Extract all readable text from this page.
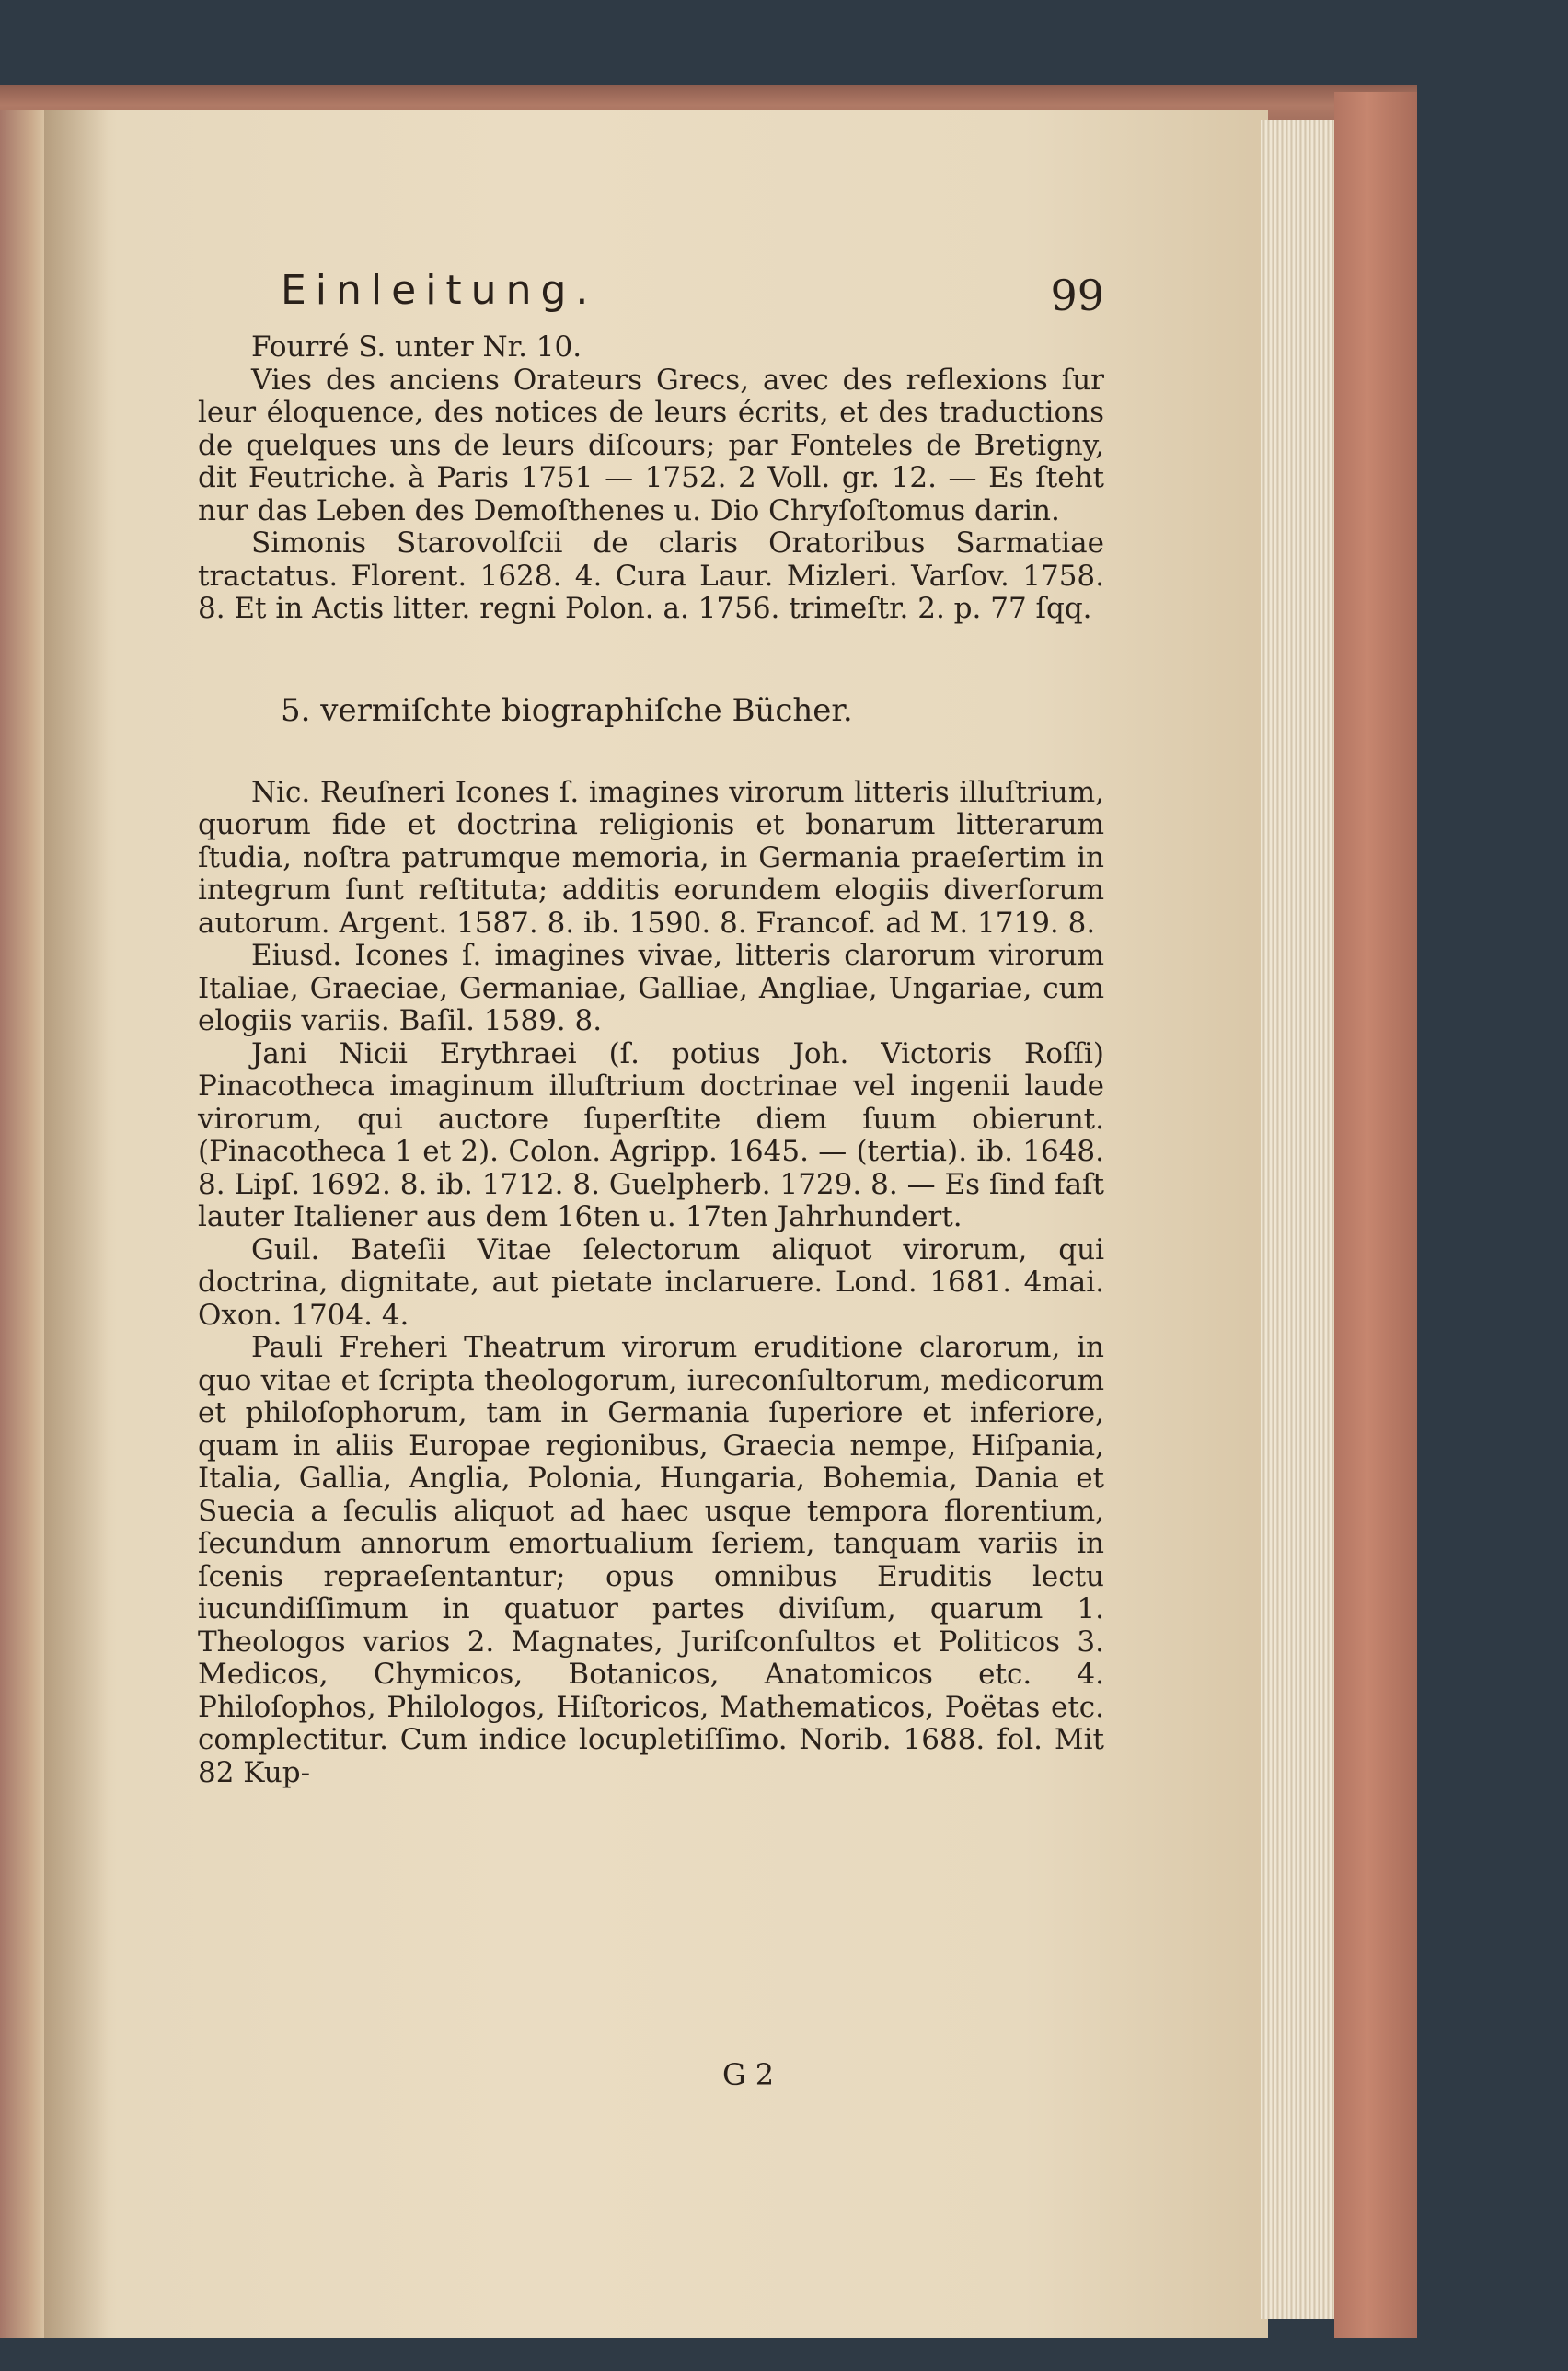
Einleitung.	99

Fourré S. unter Nr. 10.

Vies des anciens Orateurs Grecs, avec des reflexions ſur leur éloquence, des notices de leurs écrits, et des traductions de quelques uns de leurs diſcours; par Fonteles de Bretigny, dit Feutriche. à Paris 1751 — 1752. 2 Voll. gr. 12. — Es ſteht nur das Leben des Demoſthenes u. Dio Chryſoſtomus darin.

Simonis Starovolſcii de claris Oratoribus Sarmatiae tractatus. Florent. 1628. 4. Cura Laur. Mizleri. Varſov. 1758. 8. Et in Actis litter. regni Polon. a. 1756. trimeſtr. 2. p. 77 ſqq.

5. vermiſchte biographiſche Bücher.

Nic. Reuſneri Icones ſ. imagines virorum litteris illuſtrium, quorum fide et doctrina religionis et bonarum litterarum ſtudia, noſtra patrumque memoria, in Germania praeſertim in integrum ſunt reſtituta; additis eorundem elogiis diverſorum autorum. Argent. 1587. 8. ib. 1590. 8. Francof. ad M. 1719. 8.

Eiusd. Icones ſ. imagines vivae, litteris clarorum virorum Italiae, Graeciae, Germaniae, Galliae, Angliae, Ungariae, cum elogiis variis. Baſil. 1589. 8.

Jani Nicii Erythraei (ſ. potius Joh. Victoris Roſſi) Pinacotheca imaginum illuſtrium doctrinae vel ingenii laude virorum, qui auctore ſuperſtite diem ſuum obierunt. (Pinacotheca 1 et 2). Colon. Agripp. 1645. — (tertia). ib. 1648. 8. Lipſ. 1692. 8. ib. 1712. 8. Guelpherb. 1729. 8. — Es ſind faſt lauter Italiener aus dem 16ten u. 17ten Jahrhundert.

Guil. Bateſii Vitae ſelectorum aliquot virorum, qui doctrina, dignitate, aut pietate inclaruere. Lond. 1681. 4mai. Oxon. 1704. 4.

Pauli Freheri Theatrum virorum eruditione clarorum, in quo vitae et ſcripta theologorum, iureconſultorum, medicorum et philoſophorum, tam in Germania ſuperiore et inferiore, quam in aliis Europae regionibus, Graecia nempe, Hiſpania, Italia, Gallia, Anglia, Polonia, Hungaria, Bohemia, Dania et Suecia a ſeculis aliquot ad haec usque tempora florentium, ſecundum annorum emortualium ſeriem, tanquam variis in ſcenis repraeſentantur; opus omnibus Eruditis lectu iucundiſſimum in quatuor partes diviſum, quarum 1. Theologos varios 2. Magnates, Juriſconſultos et Politicos 3. Medicos, Chymicos, Botanicos, Anatomicos etc. 4. Philoſophos, Philologos, Hiſtoricos, Mathematicos, Poëtas etc. complectitur. Cum indice locupletiſſimo. Norib. 1688. fol. Mit 82 Kup-

G 2
